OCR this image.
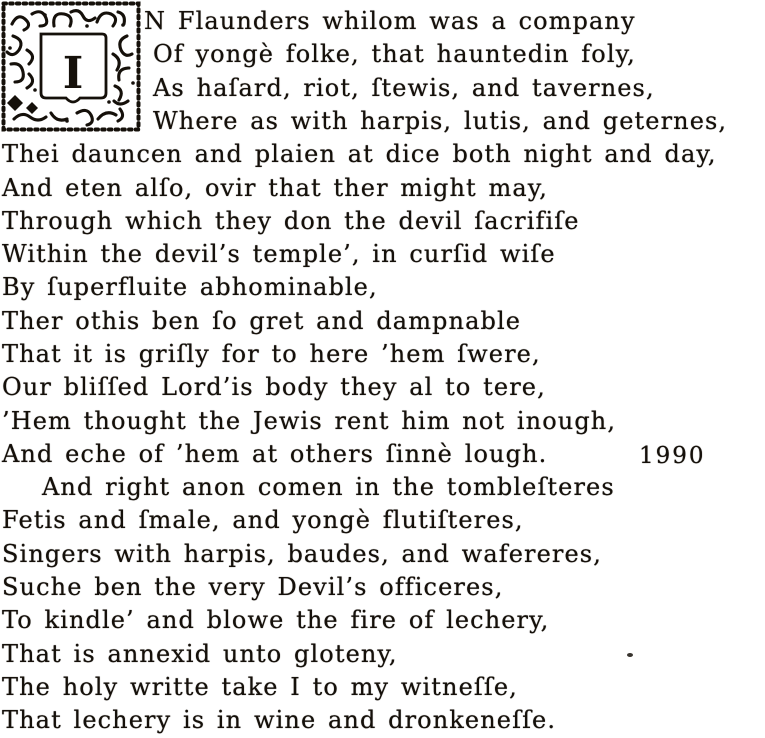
I
N Flaunders whilom was a company
Of yongè folke, that hauntedin foly,
As haſard, riot, ſtewis, and tavernes,
Where as with harpis, lutis, and geternes,
Thei dauncen and plaien at dice both night and day,
And eten alſo, ovir that ther might may,
Through which they don the devil ſacrifiſe
Within the devil’s temple’, in curſid wiſe
By ſuperfluite abhominable,
Ther othis ben ſo gret and dampnable
That it is griſly for to here ’hem ſwere,
Our bliſſed Lord’is body they al to tere,
’Hem thought the Jewis rent him not inough,
And eche of ’hem at others ſinnè lough.	1990
And right anon comen in the tombleſteres
Fetis and ſmale, and yongè flutiſteres,
Singers with harpis, baudes, and wafereres,
Suche ben the very Devil’s officeres,
To kindle’ and blowe the fire of lechery,
That is annexid unto gloteny,
The holy writte take I to my witneſſe,
That lechery is in wine and dronkeneſſe.
